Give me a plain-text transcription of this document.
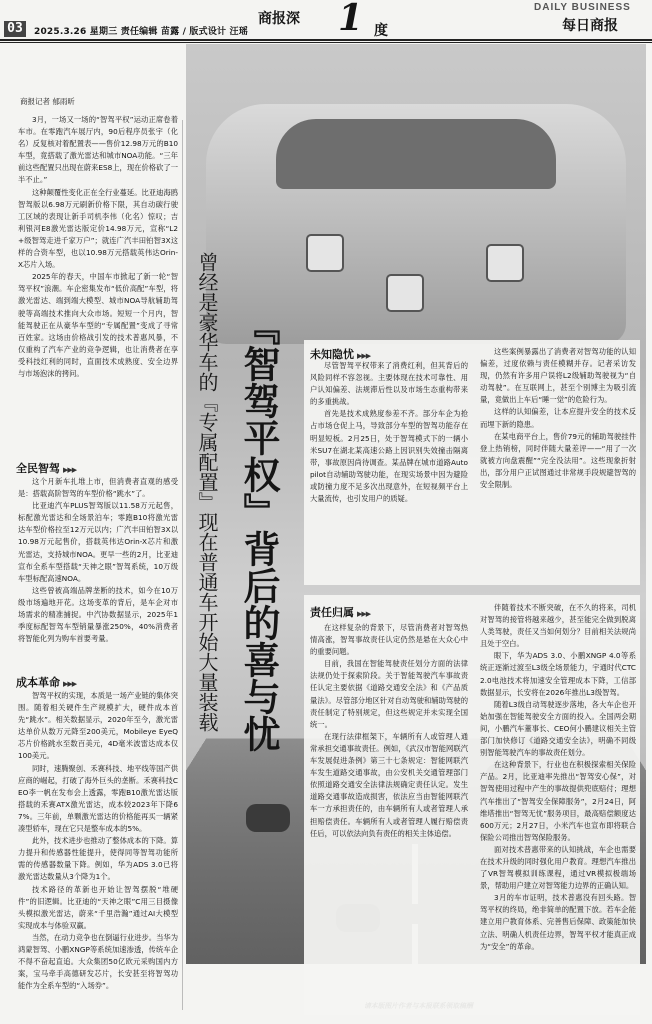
03	2025.3.26 星期三 责任编辑 苗露 / 版式设计 汪瑶
商报深 1 度
DAILY BUSINESS
每日商报
商报记者 郁雨昕

3月，一场又一场的“智驾平权”运动正席卷着车市。在零跑汽车展厅内，90后程序员张宇（化名）反复核对着配置表——售价12.98万元的B10车型，竟搭载了激光雷达和城市NOA功能。“三年前这些配置只出现在蔚来ES8上，现在价格砍了一半不止。”

这种颠覆性变化正在全行业蔓延。比亚迪海鸥智驾版以6.98万元刷新价格下限，其自动碳行驶工区域的表现让新手司机李伟（化名）惊叹；吉利银河E8激光雷达版定价14.98万元，宣称“L2+级智驾走进千家万户”；就连广汽丰田铂智3X这样的合资车型，也以10.98万元搭载英伟达Orin-X芯片入场。

2025年的春天，中国车市掀起了新一轮“智驾平权”浪潮。车企密集发布“低价高配”车型，将激光雷达、端到端大模型、城市NOA导航辅助驾驶等高端技术推向大众市场。短短一个月内，智能驾驶正在从豪华车型的“专属配置”变成了寻常百姓家。这场由价格战引发的技术普惠风暴，不仅重构了汽车产业的竞争逻辑，也让消费者在享受科技红利的同时，直面技术成熟度、安全边界与市场泡沫的拷问。

全民智驾 ▶▶▶

这个月新车扎堆上市，但消费者直观的感受是：搭载高阶智驾的车型价格“跳水”了。

比亚迪汽车PLUS智驾版以11.58万元起售，标配激光雷达和全场景泊车；零跑B10将激光雷达车型价格拉至12万元以内；广汽丰田铂智3X以10.98万元起售价，搭载英伟达Orin-X芯片和激光雷达，支持城市NOA。更早一些的2月，比亚迪宣布全系车型搭载“天神之眼”智驾系统，10万级车型标配高速NOA。

这些曾被高端品牌垄断的技术，如今在10万级市场遍地开花。这场变革的背后，是车企对市场需求的精准捕捉。中汽协数据显示，2025年1季度标配智驾车型销量暴涨250%，40%消费者将智能化列为购车首要考量。

成本革命 ▶▶▶

智驾平权的实现，本质是一场产业链的集体突围。随着相关硬件生产规模扩大，硬件成本首先“跳水”。相关数据显示，2020年至今，激光雷达单价从数万元降至200美元，Mobileye EyeQ芯片价格跳水至数百美元，4D毫米波雷达成本仅100美元。

同时，速腾聚创、禾赛科技、地平线等国产供应商的崛起，打破了海外巨头的垄断。禾赛科技CEO李一帆在发布会上透露，零跑B10激光雷达版搭载的禾赛ATX激光雷达，成本较2023年下降67%。三年前，单颗激光雷达的价格能再买一辆紧凑型轿车，现在它只是整车成本的5%。

此外，技术进步也推动了整体成本的下降。算力提升和传感器性能提升，使得同等智驾功能所需的传感器数量下降。例如，华为ADS 3.0已将激光雷达数量从3个降为1个。

技术路径的革新也开始让智驾摆脱“堆硬件”的旧逻辑。比亚迪的“天神之眼”C用三目摄像头模拟激光雷达，蔚来“千里浩瀚”通过AI大模型实现成本与体验双赢。

当然，在动力竞争也在倒逼行业进步。当华为鸿蒙智驾、小鹏XNGP等系统加速渗透，传统车企不得不奋起直追。大众集团50亿欧元采购国内方案，宝马牵手高德研发芯片，长安甚至将智驾功能作为全系车型的“入场券”。

『智驾平权』背后的喜与忧
曾经是豪华车的『专属配置』现在普通车开始大量装载	未知隐忧 ▶▶▶

尽管智驾平权带来了消费红利，但其背后的风险同样不容忽视。主要体现在技术可靠性、用户认知偏差、法规滞后性以及市场生态重构带来的多重挑战。

首先是技术成熟度参差不齐。部分车企为抢占市场仓促上马，导致部分车型的智驾功能存在明显短板。2月25日，处于智驾模式下的一辆小米SU7在湖北某高速公路上因识别失效撞击隔离带，事故原因尚待调查。某品牌在城市道路Autopilot自动辅助驾驶功能，在现实场景中因为避险或防撞力度不足多次出现意外，在短视频平台上大量流传，也引发用户的质疑。

这些案例暴露出了消费者对智驾功能的认知偏差，过度依赖与责任模糊并存。记者采访发现，仍然有许多用户误将L2级辅助驾驶视为“自动驾驶”。在互联网上，甚至个别博主为吸引流量，竟做出上车后“睡一觉”的危险行为。

这样的认知偏差，让本应提升安全的技术反而埋下新的隐患。

在某电商平台上，售价79元的辅助驾驶挂件登上热销榜，同时伴随大量差评——“用了一次就被方向盘震醒”“完全没法用”。这些现象折射出，部分用户正试图通过非常规手段规避智驾的安全限制。

责任归属 ▶▶▶

在这样复杂的背景下，尽管消费者对智驾热情高涨，智驾事故责任认定仍然是悬在大众心中的重要问题。

目前，我国在智能驾驶责任划分方面的法律法规仍处于探索阶段。关于智能驾驶汽车事故责任认定主要依据《道路交通安全法》和《产品质量法》。尽管部分地区针对自动驾驶和辅助驾驶的责任制定了特别规定，但这些规定并未实现全国统一。

在现行法律框架下，车辆所有人或管理人通常承担交通事故责任。例如，《武汉市智能网联汽车发展促进条例》第三十七条规定：智能网联汽车发生道路交通事故，由公安机关交通管理部门依照道路交通安全法律法规确定责任认定。发生道路交通事故造成损害，依法应当由智能网联汽车一方承担责任的，由车辆所有人或者管理人承担赔偿责任。车辆所有人或者管理人履行赔偿责任后，可以依法向负有责任的相关主体追偿。

伴随着技术不断突破，在不久的将来，司机对智驾的接管将越来越少，甚至能完全做到脱离人类驾驶，责任又当如何划分？目前相关法规尚且处于空白。

眼下，华为ADS 3.0、小鹏XNGP 4.0等系统正逐渐过渡至L3级全场景能力，宇通时代CTC2.0电池技术将加速安全管理成本下降，工信部数据显示，长安将在2026年推出L3级智驾。

随着L3级自动驾驶逐步落地，各大车企也开始加强在智能驾驶安全方面的投入。全国两会期间，小鹏汽车董事长、CEO何小鹏建议相关主管部门加快修订《道路交通安全法》，明确不同级别智能驾驶汽车的事故责任划分。

在这种背景下，行业也在积极探索相关保险产品。2月，比亚迪率先推出“智驾安心保”，对智驾使用过程中产生的事故提供兜底赔付；理想汽车推出了“智驾安全保障服务”，2月24日，阿维塔推出“智驾无忧”服务项目，最高赔偿额度达600万元；2月27日，小米汽车也宣布即将联合保险公司推出智驾保险服务。

面对技术普惠带来的认知挑战，车企也需要在技术升级的同时强化用户教育。理想汽车推出了VR智驾模拟训练课程，通过VR模拟极端场景，帮助用户建立对智驾能力边界的正确认知。

3月的车市证明，技术普惠没有回头路。智驾平权的终局，绝非简单的配置下放。若车企能建立用户教育体系、完善售后保障、政策能加快立法、明确人机责任边界，智驾平权才能真正成为“安全”的革命。
